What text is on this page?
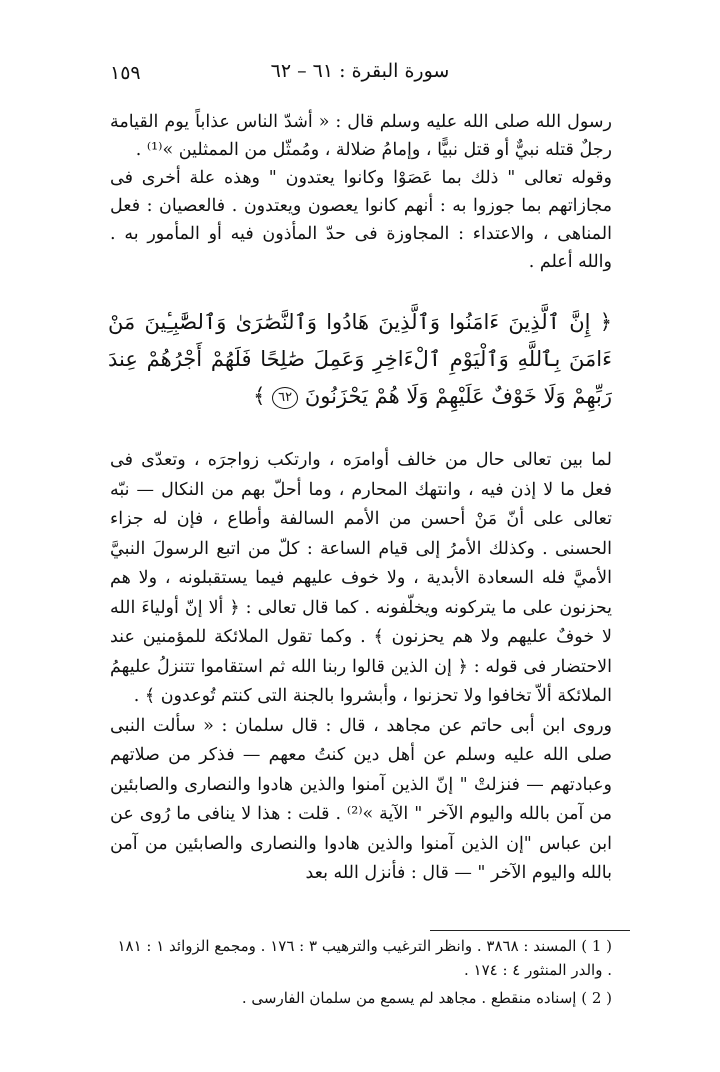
سورة البقرة : ٦١ – ٦٢
١٥٩

رسول الله صلى الله عليه وسلم قال : « أشدّ الناس عذاباً يوم القيامة رجلٌ قتله نبيٌّ أو قتل نبيًّا ، وإمامُ ضلالة ، ومُمثّل من الممثلين »⁽¹⁾ .

وقوله تعالى " ذلك بما عَصَوْا وكانوا يعتدون " وهذه علة أخرى فى مجازاتهم بما جوزوا به : أنهم كانوا يعصون ويعتدون . فالعصيان : فعل المناهى ، والاعتداء : المجاوزة فى حدّ المأذون فيه أو المأمور به . والله أعلم .

﴿ إِنَّ ٱلَّذِينَ ءَامَنُوا وَٱلَّذِينَ هَادُوا وَٱلنَّصَٰرَىٰ وَٱلصَّٰبِـِٔينَ مَنْ ءَامَنَ بِٱللَّهِ وَٱلْيَوْمِ ٱلْءَاخِرِ وَعَمِلَ صَٰلِحًا فَلَهُمْ أَجْرُهُمْ عِندَ رَبِّهِمْ وَلَا خَوْفٌ عَلَيْهِمْ وَلَا هُمْ يَحْزَنُونَ ٦٢ ﴾

لما بين تعالى حال من خالف أوامرَه ، وارتكب زواجرَه ، وتعدّى فى فعل ما لا إذن فيه ، وانتهك المحارم ، وما أحلّ بهم من النكال — نبّه تعالى على أنّ مَنْ أحسن من الأمم السالفة وأطاع ، فإن له جزاء الحسنى . وكذلك الأمرُ إلى قيام الساعة : كلّ من اتبع الرسولَ النبيَّ الأميَّ فله السعادة الأبدية ، ولا خوف عليهم فيما يستقبلونه ، ولا هم يحزنون على ما يتركونه ويخلّفونه . كما قال تعالى : ﴿ ألا إنّ أولياءَ الله لا خوفٌ عليهم ولا هم يحزنون ﴾ . وكما تقول الملائكة للمؤمنين عند الاحتضار فى قوله : ﴿ إن الذين قالوا ربنا الله ثم استقاموا تتنزلُ عليهمُ الملائكة ألاّ تخافوا ولا تحزنوا ، وأبشروا بالجنة التى كنتم تُوعدون ﴾ .

وروى ابن أبى حاتم عن مجاهد ، قال : قال سلمان : « سألت النبى صلى الله عليه وسلم عن أهل دين كنتُ معهم — فذكر من صلاتهم وعبادتهم — فنزلتْ " إنّ الذين آمنوا والذين هادوا والنصارى والصابئين من آمن بالله واليوم الآخر " الآية »⁽²⁾ . قلت : هذا لا ينافى ما رُوى عن ابن عباس "إن الذين آمنوا والذين هادوا والنصارى والصابئين من آمن بالله واليوم الآخر " — قال : فأنزل الله بعد

( 1 ) المسند : ٣٨٦٨ . وانظر الترغيب والترهيب ٣ : ١٧٦ . ومجمع الزوائد ١ : ١٨١ . والدر المنثور ٤ : ١٧٤ .

( 2 ) إسناده منقطع . مجاهد لم يسمع من سلمان الفارسى .
